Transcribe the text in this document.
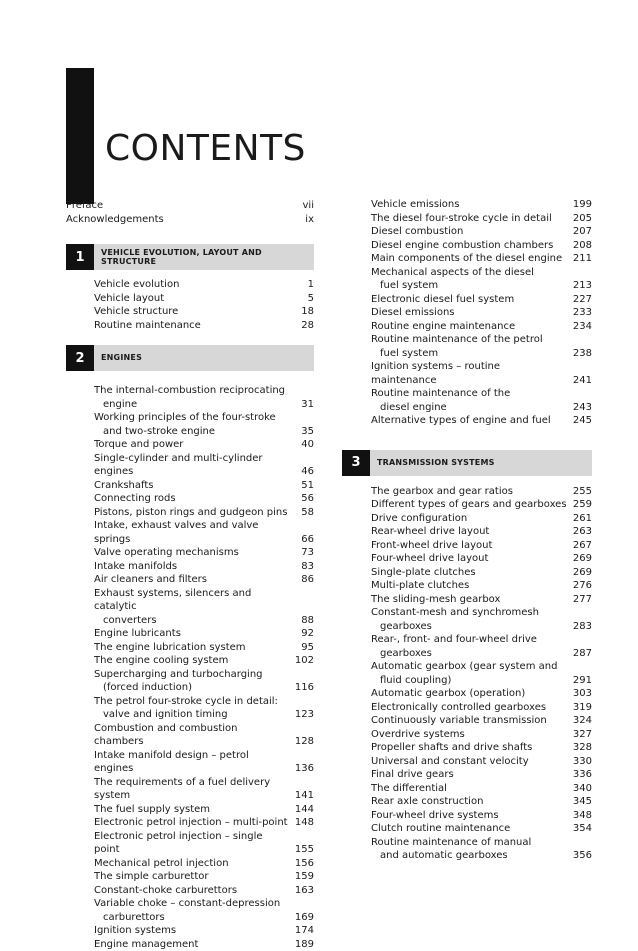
CONTENTS
Preface	vii
Acknowledgements	ix
1	VEHICLE EVOLUTION, LAYOUT AND
STRUCTURE
Vehicle evolution	1
Vehicle layout	5
Vehicle structure	18
Routine maintenance	28
2	ENGINES
The internal-combustion reciprocating

engine	31
Working principles of the four-stroke

and two-stroke engine	35
Torque and power	40
Single-cylinder and multi-cylinder engines	46
Crankshafts	51
Connecting rods	56
Pistons, piston rings and gudgeon pins	58
Intake, exhaust valves and valve springs	66
Valve operating mechanisms	73
Intake manifolds	83
Air cleaners and filters	86
Exhaust systems, silencers and catalytic

converters	88
Engine lubricants	92
The engine lubrication system	95
The engine cooling system	102
Supercharging and turbocharging

(forced induction)	116
The petrol four-stroke cycle in detail:

valve and ignition timing	123
Combustion and combustion chambers	128
Intake manifold design – petrol engines	136
The requirements of a fuel delivery system	141
The fuel supply system	144
Electronic petrol injection – multi-point 148
Electronic petrol injection – single point	155
Mechanical petrol injection	156
The simple carburettor	159
Constant-choke carburettors	163
Variable choke – constant-depression

carburettors	169
Ignition systems	174
Engine management	189
Vehicle emissions	199
The diesel four-stroke cycle in detail	205
Diesel combustion	207
Diesel engine combustion chambers	208
Main components of the diesel engine	211
Mechanical aspects of the diesel

fuel system	213
Electronic diesel fuel system	227
Diesel emissions	233
Routine engine maintenance	234
Routine maintenance of the petrol

fuel system	238
Ignition systems – routine maintenance	241
Routine maintenance of the

diesel engine	243
Alternative types of engine and fuel	245
3	TRANSMISSION SYSTEMS
The gearbox and gear ratios	255
Different types of gears and gearboxes 259
Drive configuration	261
Rear-wheel drive layout	263
Front-wheel drive layout	267
Four-wheel drive layout	269
Single-plate clutches	269
Multi-plate clutches	276
The sliding-mesh gearbox	277
Constant-mesh and synchromesh

gearboxes	283
Rear-, front- and four-wheel drive

gearboxes	287
Automatic gearbox (gear system and

fluid coupling)	291
Automatic gearbox (operation)	303
Electronically controlled gearboxes	319
Continuously variable transmission	324
Overdrive systems	327
Propeller shafts and drive shafts	328
Universal and constant velocity	330
Final drive gears	336
The differential	340
Rear axle construction	345
Four-wheel drive systems	348
Clutch routine maintenance	354
Routine maintenance of manual

and automatic gearboxes	356
